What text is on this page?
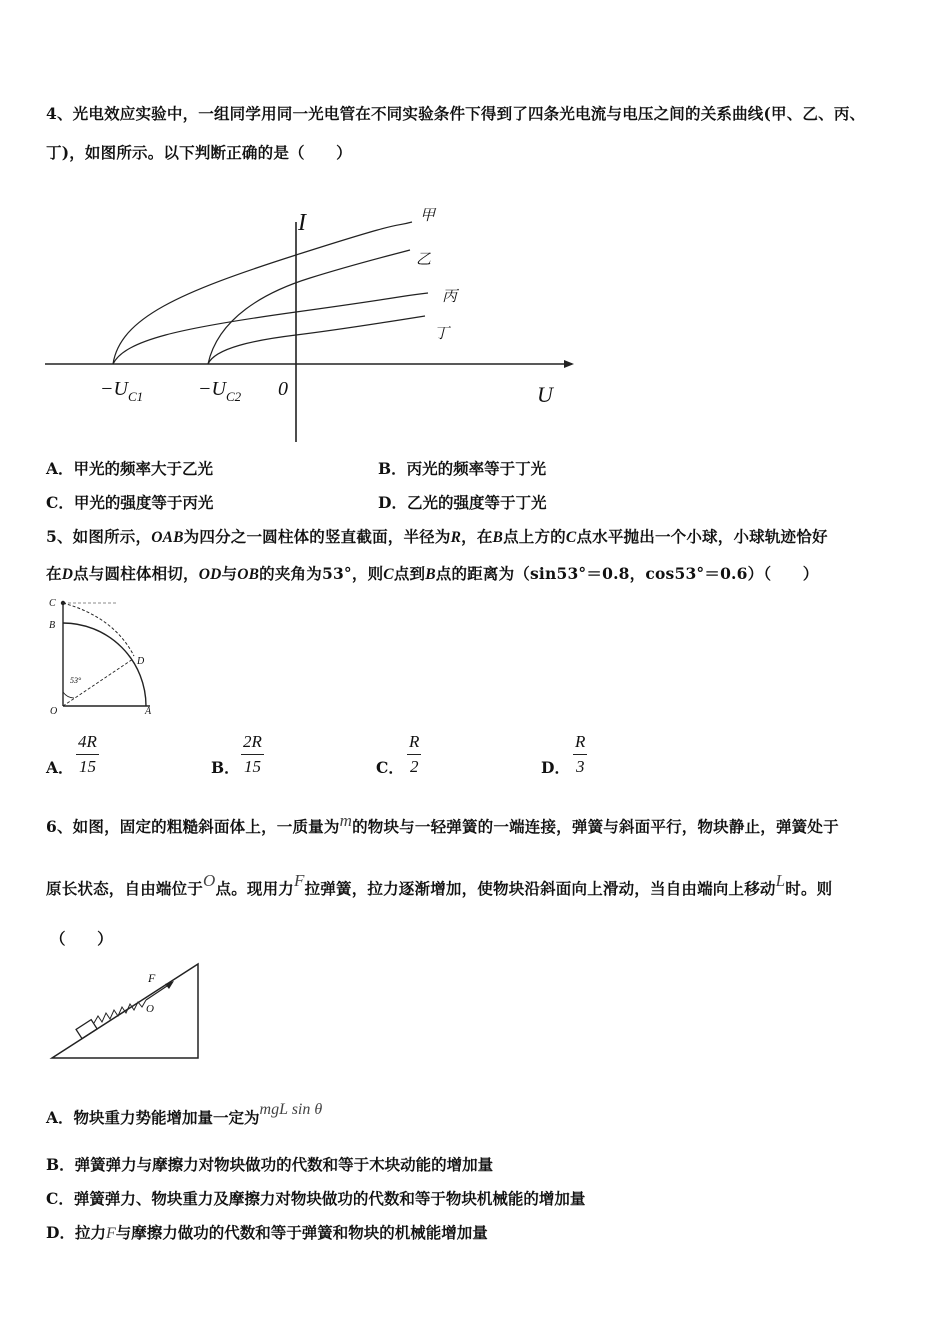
4、光电效应实验中，一组同学用同一光电管在不同实验条件下得到了四条光电流与电压之间的关系曲线(甲、乙、丙、
丁)，如图所示。以下判断正确的是（　　）
I
U
0
$-U_{C1}$	$-U_{C2}$
甲
乙
丙
丁
A．甲光的频率大于乙光	B．丙光的频率等于丁光
C．甲光的强度等于丙光	D．乙光的强度等于丁光
5、如图所示，OAB为四分之一圆柱体的竖直截面，半径为R，在B点上方的C点水平抛出一个小球，小球轨迹恰好
在D点与圆柱体相切，OD与OB的夹角为53°，则C点到B点的距离为（sin53°＝0.8，cos53°＝0.6）（　　）
C
B
D
O	A
53°
A． $\frac{4R}{15}$	B． $\frac{2R}{15}$	C． $\frac{R}{2}$	D． $\frac{R}{3}$
6、如图，固定的粗糙斜面体上，一质量为m的物块与一轻弹簧的一端连接，弹簧与斜面平行，物块静止，弹簧处于
原长状态，自由端位于O点。现用力F拉弹簧，拉力逐渐增加，使物块沿斜面向上滑动，当自由端向上移动L时。则
（　　）
F
O
A．物块重力势能增加量一定为mgL sin θ
B．弹簧弹力与摩擦力对物块做功的代数和等于木块动能的增加量
C．弹簧弹力、物块重力及摩擦力对物块做功的代数和等于物块机械能的增加量
D．拉力F与摩擦力做功的代数和等于弹簧和物块的机械能增加量
